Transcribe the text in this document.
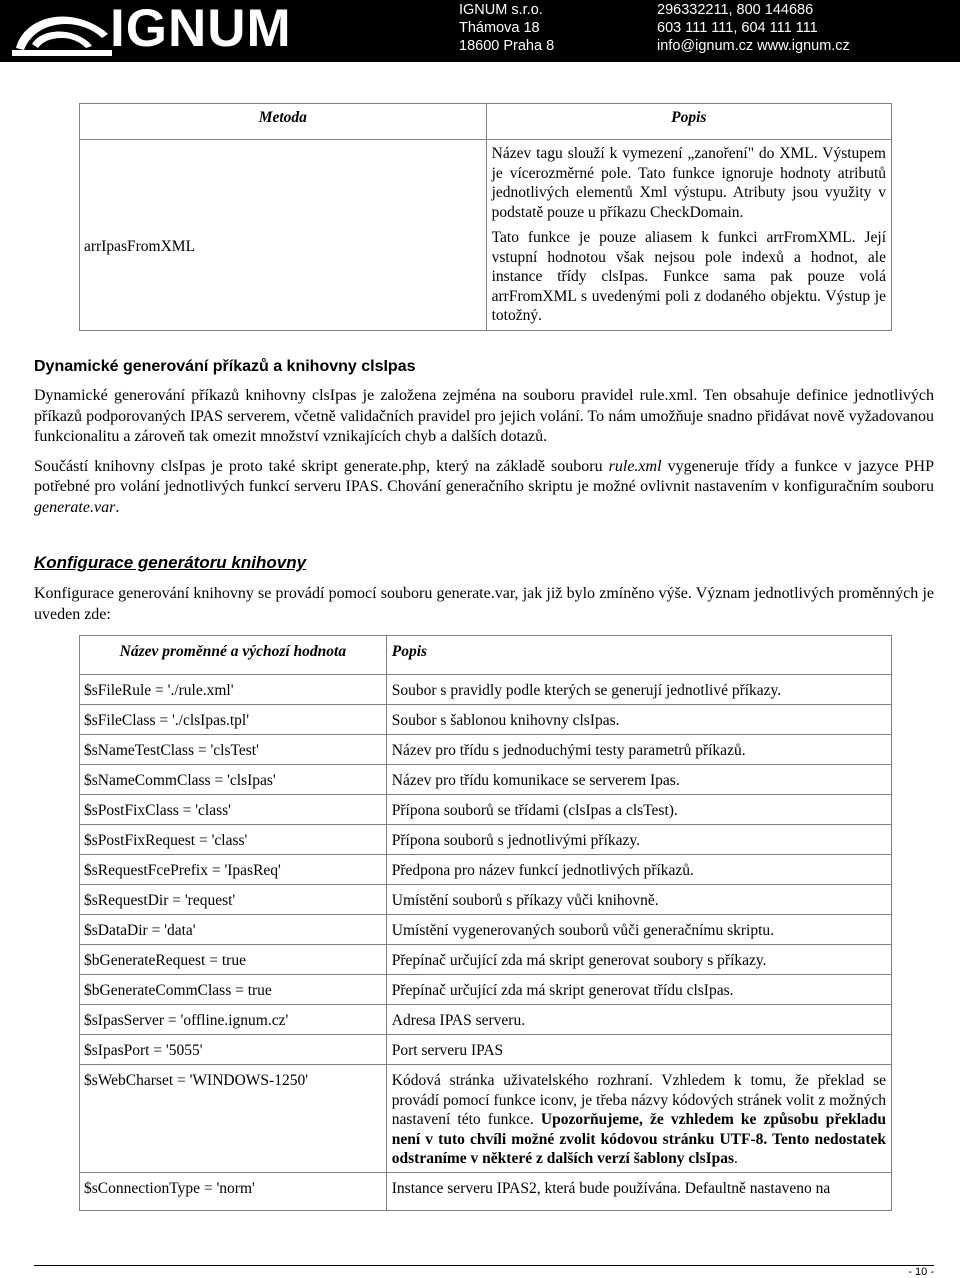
IGNUM	IGNUM s.r.o.
Thámova 18
18600 Praha 8
296332211, 800 144686
603 111 111, 604 111 111
info@ignum.cz www.ignum.cz
Metoda	Popis
arrIpasFromXML	Název tagu slouží k vymezení „zanoření" do XML. Výstupem je vícerozměrné pole. Tato funkce ignoruje hodnoty atributů jednotlivých elementů Xml výstupu. Atributy jsou využity v podstatě pouze u příkazu CheckDomain.

Tato funkce je pouze aliasem k funkci arrFromXML. Její vstupní hodnotou však nejsou pole indexů a hodnot, ale instance třídy clsIpas. Funkce sama pak pouze volá arrFromXML s uvedenými poli z dodaného objektu. Výstup je totožný.

Dynamické generování příkazů a knihovny clsIpas

Dynamické generování příkazů knihovny clsIpas je založena zejména na souboru pravidel rule.xml. Ten obsahuje definice jednotlivých příkazů podporovaných IPAS serverem, včetně validačních pravidel pro jejich volání. To nám umožňuje snadno přidávat nově vyžadovanou funkcionalitu a zároveň tak omezit množství vznikajících chyb a dalších dotazů.

Součástí knihovny clsIpas je proto také skript generate.php, který na základě souboru rule.xml vygeneruje třídy a funkce v jazyce PHP potřebné pro volání jednotlivých funkcí serveru IPAS. Chování generačního skriptu je možné ovlivnit nastavením v konfiguračním souboru generate.var.

Konfigurace generátoru knihovny

Konfigurace generování knihovny se provádí pomocí souboru generate.var, jak již bylo zmíněno výše. Význam jednotlivých proměnných je uveden zde:

Název proměnné a výchozí hodnota	Popis
$sFileRule = './rule.xml'	Soubor s pravidly podle kterých se generují jednotlivé příkazy.
$sFileClass = './clsIpas.tpl'	Soubor s šablonou knihovny clsIpas.
$sNameTestClass = 'clsTest'	Název pro třídu s jednoduchými testy parametrů příkazů.
$sNameCommClass = 'clsIpas'	Název pro třídu komunikace se serverem Ipas.
$sPostFixClass = 'class'	Přípona souborů se třídami (clsIpas a clsTest).
$sPostFixRequest = 'class'	Přípona souborů s jednotlivými příkazy.
$sRequestFcePrefix = 'IpasReq'	Předpona pro název funkcí jednotlivých příkazů.
$sRequestDir = 'request'	Umístění souborů s příkazy vůči knihovně.
$sDataDir = 'data'	Umístění vygenerovaných souborů vůči generačnímu skriptu.
$bGenerateRequest = true	Přepínač určující zda má skript generovat soubory s příkazy.
$bGenerateCommClass = true	Přepínač určující zda má skript generovat třídu clsIpas.
$sIpasServer = 'offline.ignum.cz'	Adresa IPAS serveru.
$sIpasPort = '5055'	Port serveru IPAS
$sWebCharset = 'WINDOWS-1250'	Kódová stránka uživatelského rozhraní. Vzhledem k tomu, že překlad se provádí pomocí funkce iconv, je třeba názvy kódových stránek volit z možných nastavení této funkce. Upozorňujeme, že vzhledem ke způsobu překladu není v tuto chvíli možné zvolit kódovou stránku UTF-8. Tento nedostatek odstraníme v některé z dalších verzí šablony clsIpas.
$sConnectionType = 'norm'	Instance serveru IPAS2, která bude používána. Defaultně nastaveno na
- 10 -
